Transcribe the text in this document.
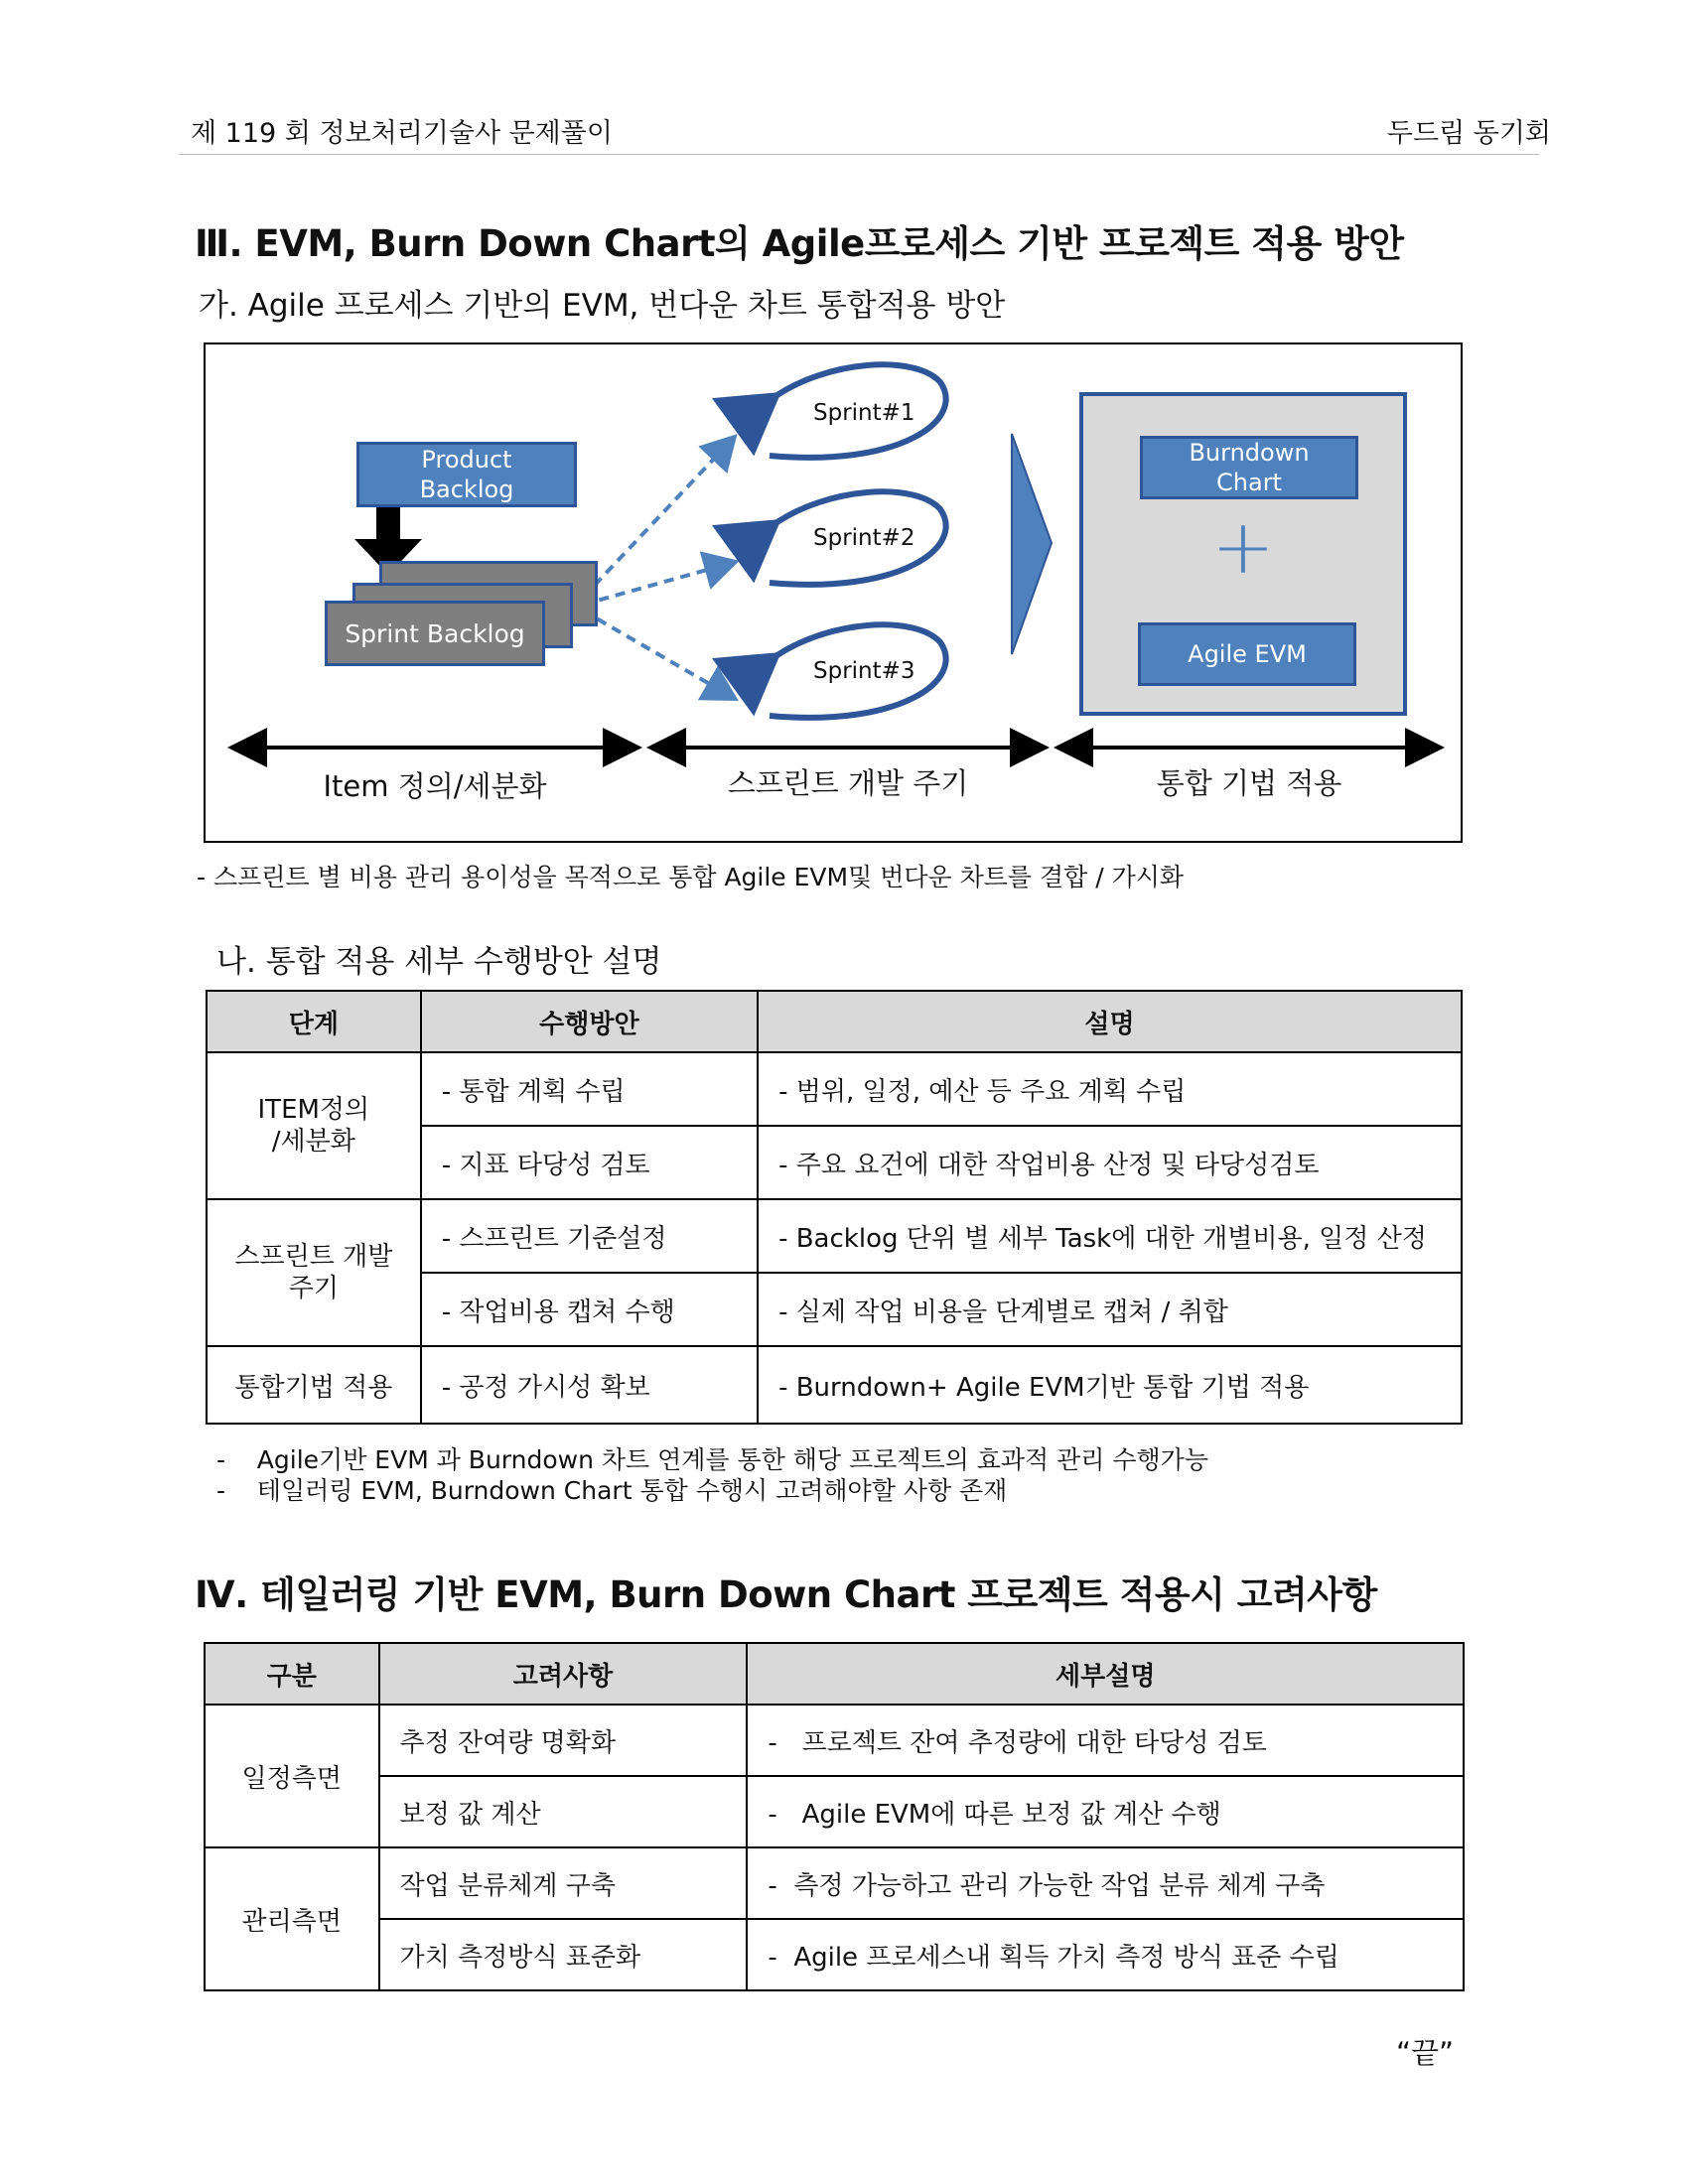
제 119 회 정보처리기술사 문제풀이	두드림 동기회
Ⅲ. EVM, Burn Down Chart의 Agile프로세스 기반 프로젝트 적용 방안
가. Agile 프로세스 기반의 EVM, 번다운 차트 통합적용 방안
Product
Backlog
Sprint Backlog
Sprint#1
Sprint#2
Sprint#3
Burndown
Chart
+
Agile EVM
Item 정의/세분화	스프린트 개발 주기	통합 기법 적용
- 스프린트 별 비용 관리 용이성을 목적으로 통합 Agile EVM및 번다운 차트를 결합 / 가시화
나. 통합 적용 세부 수행방안 설명
단계	수행방안	설명
ITEM정의
/세분화	- 통합 계획 수립	- 범위, 일정, 예산 등 주요 계획 수립
	- 지표 타당성 검토	- 주요 요건에 대한 작업비용 산정 및 타당성검토
스프린트 개발
주기	- 스프린트 기준설정	- Backlog 단위 별 세부 Task에 대한 개별비용, 일정 산정
	- 작업비용 캡쳐 수행	- 실제 작업 비용을 단계별로 캡쳐 / 취합
통합기법 적용	- 공정 가시성 확보	- Burndown+ Agile EVM기반 통합 기법 적용
-    Agile기반 EVM 과 Burndown 차트 연계를 통한 해당 프로젝트의 효과적 관리 수행가능
-    테일러링 EVM, Burndown Chart 통합 수행시 고려해야할 사항 존재
Ⅳ. 테일러링 기반 EVM, Burn Down Chart 프로젝트 적용시 고려사항
구분	고려사항	세부설명
일정측면	추정 잔여량 명확화	-   프로젝트 잔여 추정량에 대한 타당성 검토
	보정 값 계산	-   Agile EVM에 따른 보정 값 계산 수행
관리측면	작업 분류체계 구축	-  측정 가능하고 관리 가능한 작업 분류 체계 구축
	가치 측정방식 표준화	-  Agile 프로세스내 획득 가치 측정 방식 표준 수립
“끝”
